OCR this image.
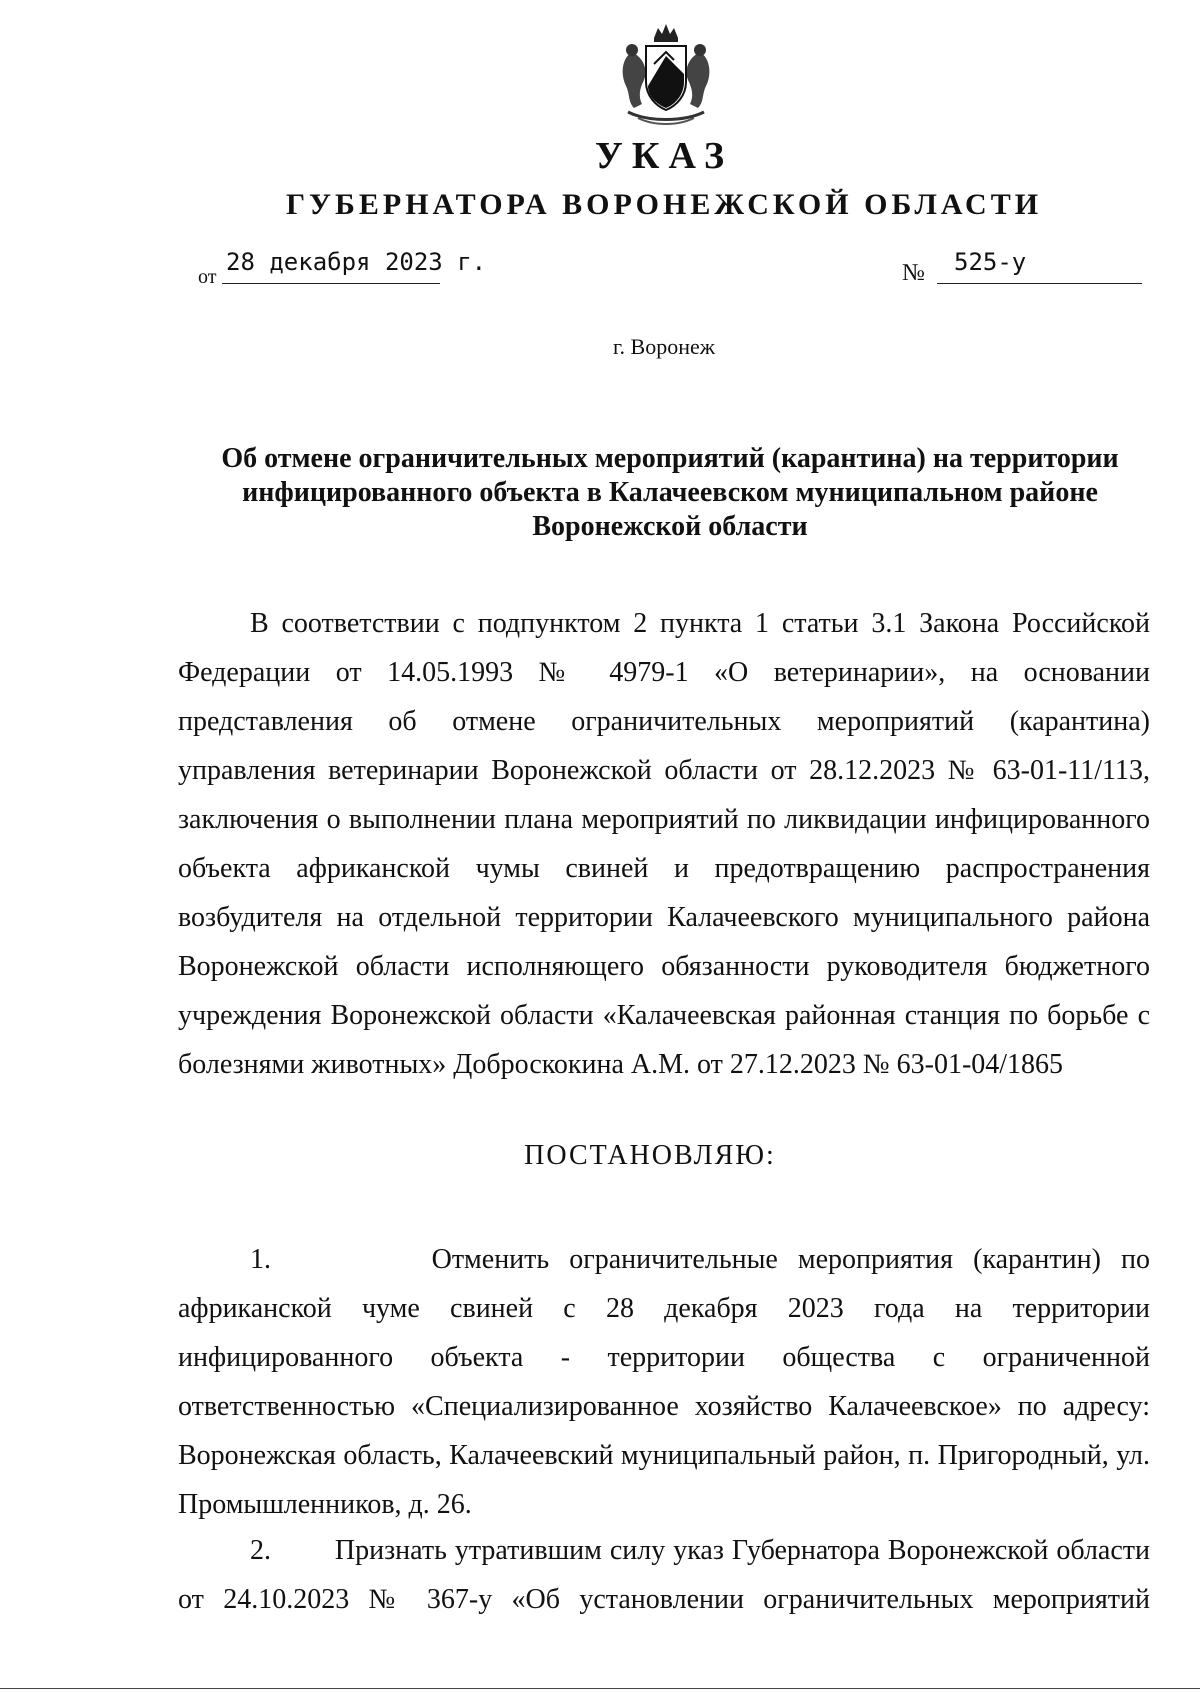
УКАЗ
ГУБЕРНАТОРА ВОРОНЕЖСКОЙ ОБЛАСТИ
от
28 декабря 2023 г.	№ 525-у
г. Воронеж
Об отмене ограничительных мероприятий (карантина) на территории инфицированного объекта в Калачеевском муниципальном районе Воронежской области

В соответствии с подпунктом 2 пункта 1 статьи 3.1 Закона Российской Федерации от 14.05.1993 № 4979-1 «О ветеринарии», на основании представления об отмене ограничительных мероприятий (карантина) управления ветеринарии Воронежской области от 28.12.2023 № 63-01-11/113, заключения о выполнении плана мероприятий по ликвидации инфицированного объекта африканской чумы свиней и предотвращению распространения возбудителя на отдельной территории Калачеевского муниципального района Воронежской области исполняющего обязанности руководителя бюджетного учреждения Воронежской области «Калачеевская районная станция по борьбе с болезнями животных» Доброскокина А.М. от 27.12.2023 № 63-01-04/1865

ПОСТАНОВЛЯЮ:

1.        Отменить ограничительные мероприятия (карантин) по африканской чуме свиней с 28 декабря 2023 года на территории инфицированного объекта - территории общества с ограниченной ответственностью «Специализированное хозяйство Калачеевское» по адресу: Воронежская область, Калачеевский муниципальный район, п. Пригородный, ул. Промышленников, д. 26.

2.        Признать утратившим силу указ Губернатора Воронежской области от 24.10.2023 № 367-у «Об установлении ограничительных мероприятий
